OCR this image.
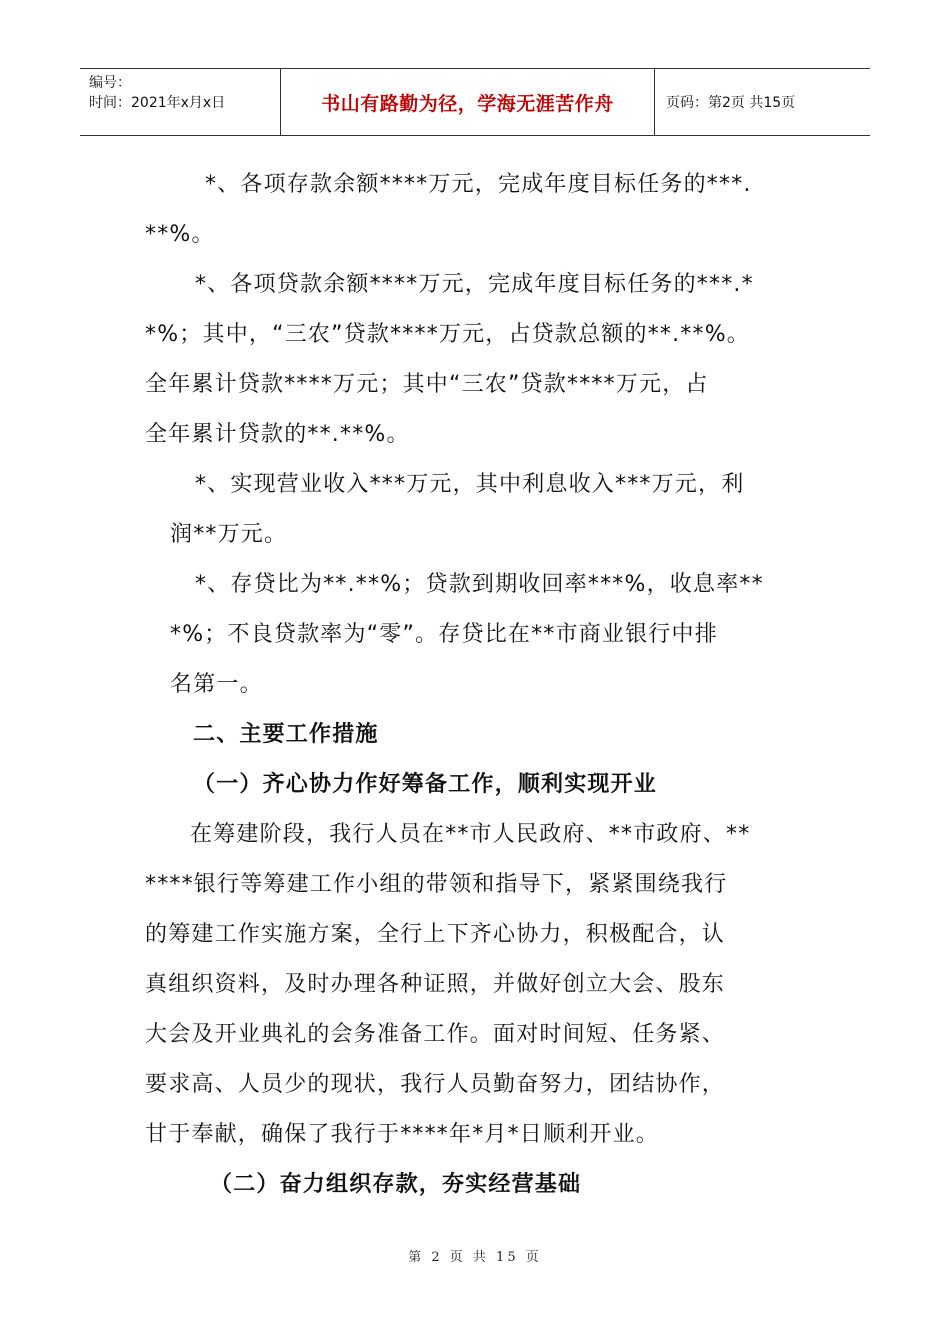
编号：
时间：2021年x月x日	书山有路勤为径，学海无涯苦作舟	页码：第2页 共15页
*、各项存款余额****万元，完成年度目标任务的***.
**%。
*、各项贷款余额****万元，完成年度目标任务的***.*
*%；其中，“三农”贷款****万元，占贷款总额的**.**%。
全年累计贷款****万元；其中“三农”贷款****万元，占
全年累计贷款的**.**%。
*、实现营业收入***万元，其中利息收入***万元，利
润**万元。
*、存贷比为**.**%；贷款到期收回率***%，收息率**
*%；不良贷款率为“零”。存贷比在**市商业银行中排
名第一。
二、主要工作措施
（一）齐心协力作好筹备工作，顺利实现开业
在筹建阶段，我行人员在**市人民政府、**市政府、**
****银行等筹建工作小组的带领和指导下，紧紧围绕我行
的筹建工作实施方案，全行上下齐心协力，积极配合，认
真组织资料，及时办理各种证照，并做好创立大会、股东
大会及开业典礼的会务准备工作。面对时间短、任务紧、
要求高、人员少的现状，我行人员勤奋努力，团结协作，
甘于奉献，确保了我行于****年*月*日顺利开业。
（二）奋力组织存款，夯实经营基础
第 2 页 共 15 页
